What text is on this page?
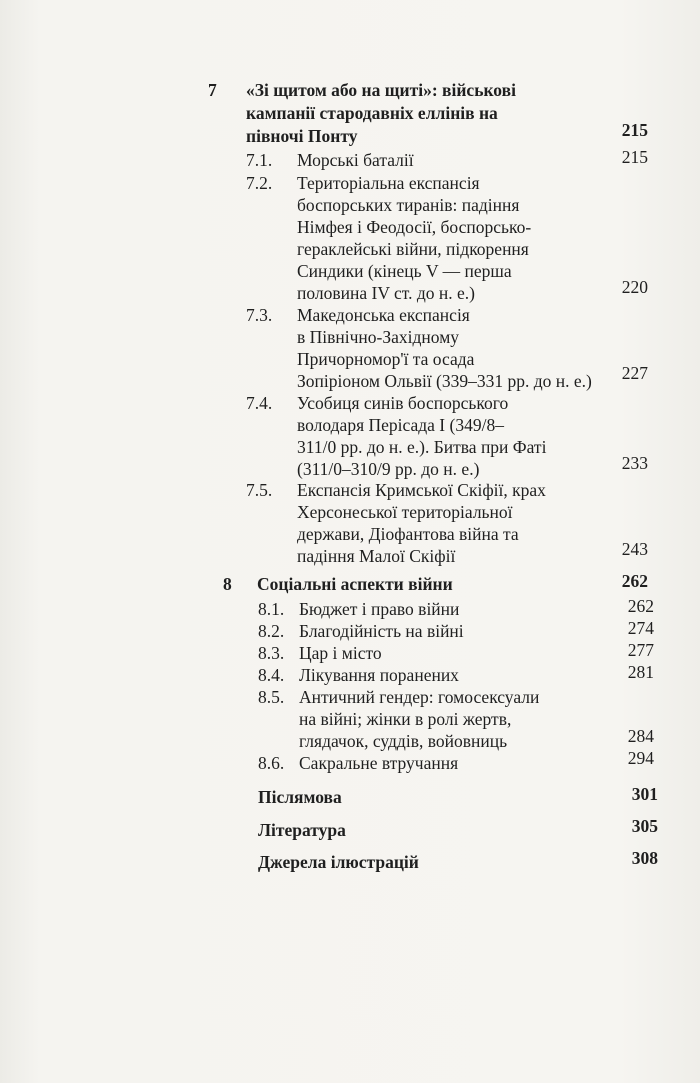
7 «Зі щитом або на щиті»: військові
кампанії стародавніх еллінів на
півночі Понту	215
7.1. Морські баталії	215
7.2. Територіальна експансія
боспорських тиранів: падіння
Німфея і Феодосії, боспорсько-
гераклейські війни, підкорення
Синдики (кінець V — перша
половина IV ст. до н. е.)	220
7.3. Македонська експансія
в Північно-Західному
Причорномор'ї та осада
Зопіріоном Ольвії (339–331 рр. до н. е.) 227
7.4. Усобиця синів боспорського
володаря Перісада I (349/8–
311/0 рр. до н. е.). Битва при Фаті
(311/0–310/9 рр. до н. е.)	233
7.5. Експансія Кримської Скіфії, крах
Херсонеської територіальної
держави, Діофантова війна та
падіння Малої Скіфії	243
8 Соціальні аспекти війни	262
8.1. Бюджет і право війни	262
8.2. Благодійність на війні	274
8.3. Цар і місто	277
8.4. Лікування поранених	281
8.5. Античний гендер: гомосексуали
на війні; жінки в ролі жертв,
глядачок, суддів, войовниць	284
8.6. Сакральне втручання	294
Післямова	301
Література	305
Джерела ілюстрацій	308
